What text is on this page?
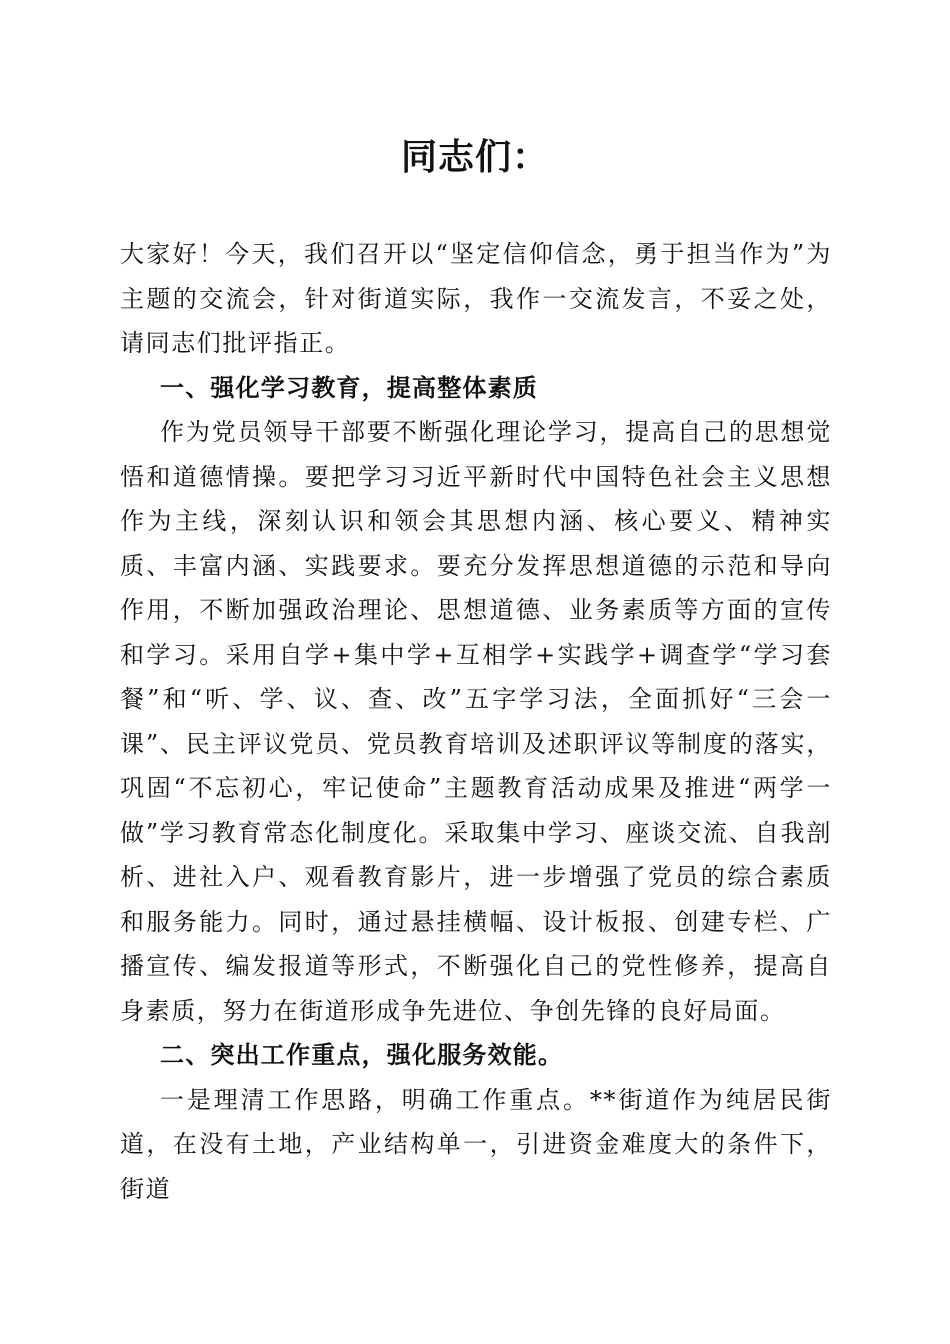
同志们：

大家好！今天，我们召开以“坚定信仰信念，勇于担当作为”为主题的交流会，针对街道实际，我作一交流发言，不妥之处，请同志们批评指正。

一、强化学习教育，提高整体素质

作为党员领导干部要不断强化理论学习，提高自己的思想觉悟和道德情操。要把学习习近平新时代中国特色社会主义思想作为主线，深刻认识和领会其思想内涵、核心要义、精神实质、丰富内涵、实践要求。要充分发挥思想道德的示范和导向作用，不断加强政治理论、思想道德、业务素质等方面的宣传和学习。采用自学+集中学+互相学+实践学+调查学“学习套餐”和“听、学、议、查、改”五字学习法，全面抓好“三会一课”、民主评议党员、党员教育培训及述职评议等制度的落实，巩固“不忘初心，牢记使命”主题教育活动成果及推进“两学一做”学习教育常态化制度化。采取集中学习、座谈交流、自我剖析、进社入户、观看教育影片，进一步增强了党员的综合素质和服务能力。同时，通过悬挂横幅、设计板报、创建专栏、广播宣传、编发报道等形式，不断强化自己的党性修养，提高自身素质，努力在街道形成争先进位、争创先锋的良好局面。

二、突出工作重点，强化服务效能。

一是理清工作思路，明确工作重点。**街道作为纯居民街道，在没有土地，产业结构单一，引进资金难度大的条件下，街道
